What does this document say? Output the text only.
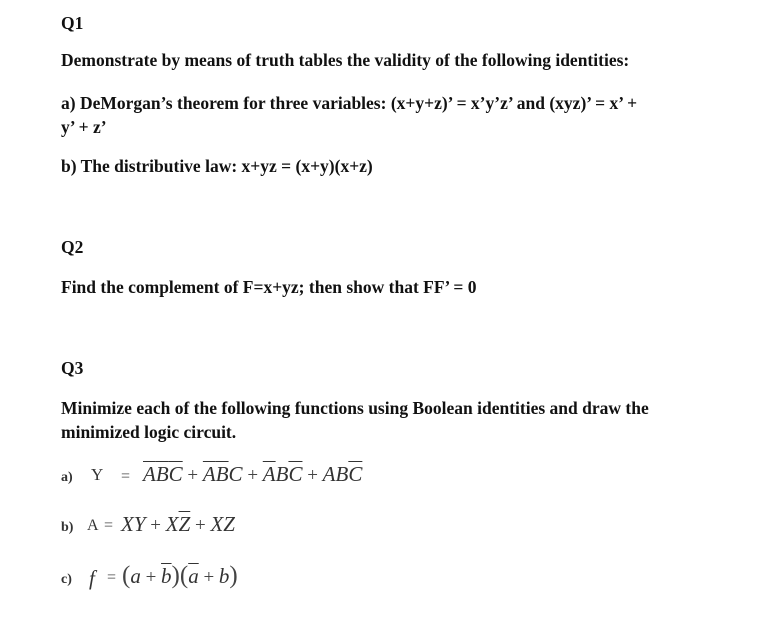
Q1

Demonstrate by means of truth tables the validity of the following identities:

a) DeMorgan’s theorem for three variables: (x+y+z)’ = x’y’z’ and (xyz)’ = x’ +

y’ + z’

b) The distributive law: x+yz = (x+y)(x+z)

Q2

Find the complement of F=x+yz; then show that FF’ = 0

Q3

Minimize each of the following functions using Boolean identities and draw the minimized logic circuit.

a) $Y = \overline{A}\overline{B}\overline{C} + \overline{A}\overline{B}C + \overline{A}B\overline{C} + AB\overline{C}$
b) A = XY + $X\overline{Z}$ + XZ
c) $f = (a + \overline{b})(\overline{a} + b)$
